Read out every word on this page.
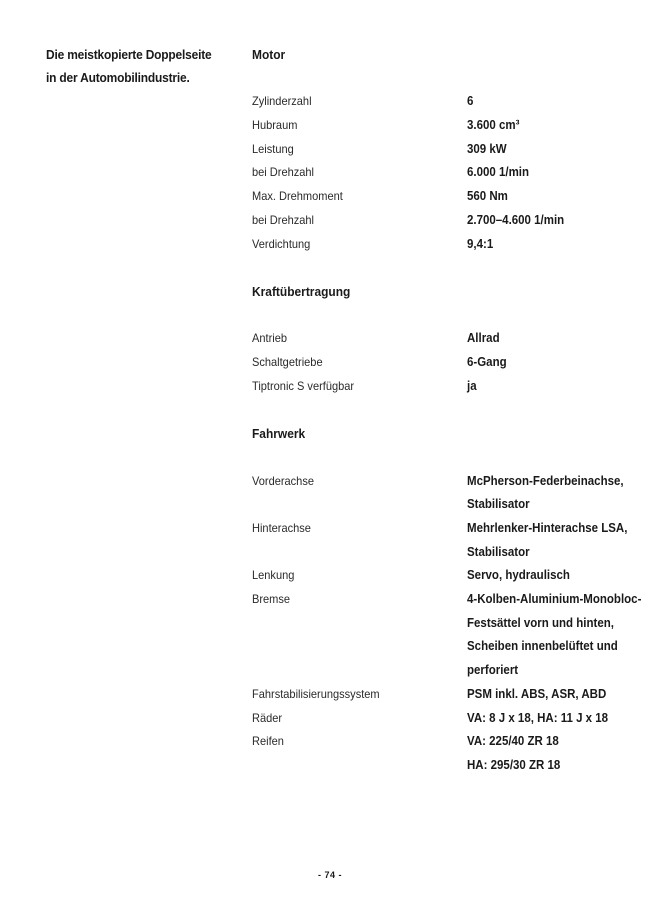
Die meistkopierte Doppelseite
in der Automobilindustrie.
Motor
Zylinderzahl	6
Hubraum	3.600 cm³
Leistung	309 kW
bei Drehzahl	6.000 1/min
Max. Drehmoment	560 Nm
bei Drehzahl	2.700–4.600 1/min
Verdichtung	9,4:1
Kraftübertragung
Antrieb	Allrad
Schaltgetriebe	6-Gang
Tiptronic S verfügbar	ja
Fahrwerk
Vorderachse	McPherson-Federbeinachse,
Stabilisator
Hinterachse	Mehrlenker-Hinterachse LSA,
Stabilisator
Lenkung	Servo, hydraulisch
Bremse	4-Kolben-Aluminium-Monobloc-
Festsättel vorn und hinten,
Scheiben innenbelüftet und
perforiert
Fahrstabilisierungssystem	PSM inkl. ABS, ASR, ABD
Räder	VA: 8 J x 18, HA: 11 J x 18
Reifen	VA: 225/40 ZR 18
HA: 295/30 ZR 18
- 74 -
